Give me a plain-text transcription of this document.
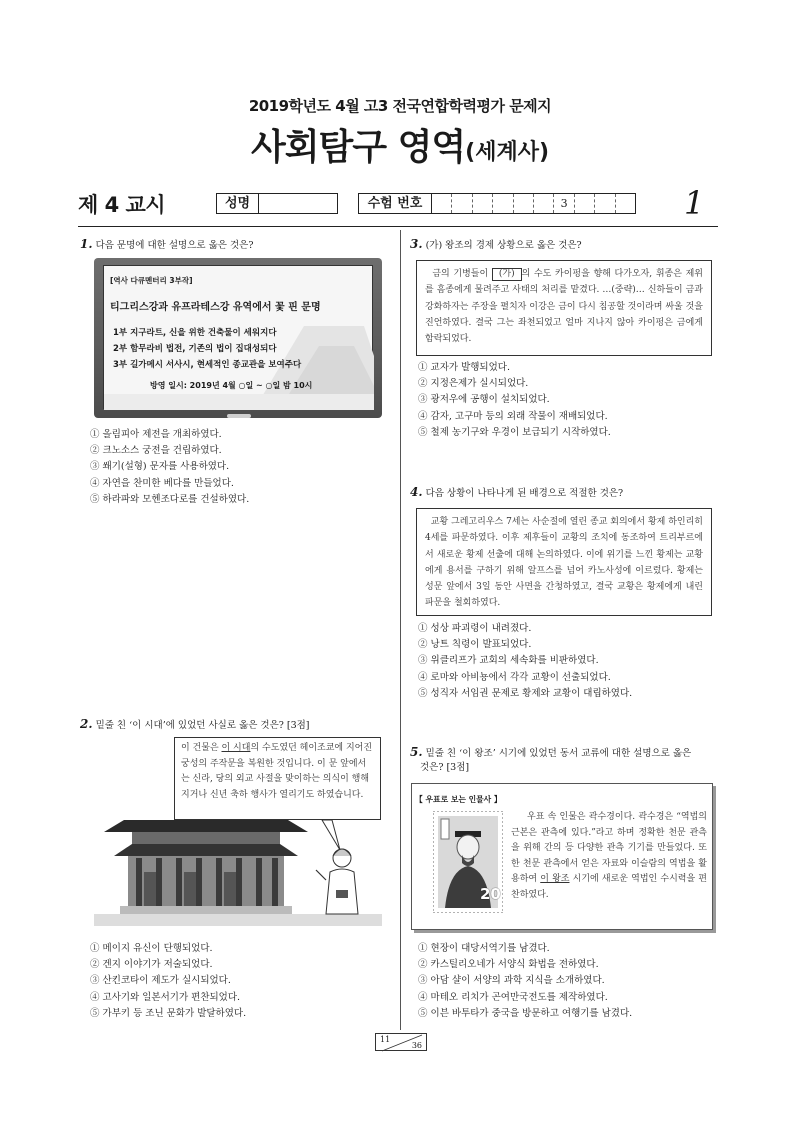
2019학년도 4월 고3 전국연합학력평가 문제지
사회탐구 영역(세계사)
제 4 교시	성명	수험 번호	3	1
1. 다음 문명에 대한 설명으로 옳은 것은?
[역사 다큐멘터리 3부작]
티그리스강과 유프라테스강 유역에서 꽃 핀 문명
1부 지구라트, 신을 위한 건축물이 세워지다
2부 함무라비 법전, 기존의 법이 집대성되다
3부 길가메시 서사시, 현세적인 종교관을 보여주다
방영 일시: 2019년 4월 ○일 ~ ○일 밤 10시
① 올림피아 제전을 개최하였다.
② 크노소스 궁전을 건립하였다.
③ 쐐기(설형) 문자를 사용하였다.
④ 자연을 찬미한 베다를 만들었다.
⑤ 하라파와 모헨조다로를 건설하였다.
2. 밑줄 친 ‘이 시대’에 있었던 사실로 옳은 것은? [3점]
이 건물은 이 시대의 수도였던 헤이조쿄에 지어진 궁성의 주작문을 복원한 것입니다. 이 문 앞에서는 신라, 당의 외교 사절을 맞이하는 의식이 행해지거나 신년 축하 행사가 열리기도 하였습니다.
① 메이지 유신이 단행되었다.
② 겐지 이야기가 저술되었다.
③ 산킨코타이 제도가 실시되었다.
④ 고사기와 일본서기가 편찬되었다.
⑤ 가부키 등 조닌 문화가 발달하였다.
3. (가) 왕조의 경제 상황으로 옳은 것은?
금의 기병들이 (가) 의 수도 카이펑을 향해 다가오자, 휘종은 제위를 흠종에게 물려주고 사태의 처리를 맡겼다. …(중략)… 신하들이 금과 강화하자는 주장을 펼치자 이강은 금이 다시 침공할 것이라며 싸울 것을 진언하였다. 결국 그는 좌천되었고 얼마 지나지 않아 카이펑은 금에게 함락되었다.
① 교자가 발행되었다.
② 지정은제가 실시되었다.
③ 광저우에 공행이 설치되었다.
④ 감자, 고구마 등의 외래 작물이 재배되었다.
⑤ 철제 농기구와 우경이 보급되기 시작하였다.
4. 다음 상황이 나타나게 된 배경으로 적절한 것은?
교황 그레고리우스 7세는 사순절에 열린 종교 회의에서 황제 하인리히 4세를 파문하였다. 이후 제후들이 교황의 조치에 동조하여 트리부르에서 새로운 황제 선출에 대해 논의하였다. 이에 위기를 느낀 황제는 교황에게 용서를 구하기 위해 알프스를 넘어 카노사성에 이르렀다. 황제는 성문 앞에서 3일 동안 사면을 간청하였고, 결국 교황은 황제에게 내린 파문을 철회하였다.
① 성상 파괴령이 내려졌다.
② 낭트 칙령이 발표되었다.
③ 위클리프가 교회의 세속화를 비판하였다.
④ 로마와 아비뇽에서 각각 교황이 선출되었다.
⑤ 성직자 서임권 문제로 황제와 교황이 대립하였다.
5. 밑줄 친 ‘이 왕조’ 시기에 있었던 동서 교류에 대한 설명으로 옳은
것은? [3점]
【 우표로 보는 인물사 】
20
우표 속 인물은 곽수경이다. 곽수경은 “역법의 근본은 관측에 있다.”라고 하며 정확한 천문 관측을 위해 간의 등 다양한 관측 기기를 만들었다. 또한 천문 관측에서 얻은 자료와 이슬람의 역법을 활용하여 이 왕조 시기에 새로운 역법인 수시력을 편찬하였다.
① 현장이 대당서역기를 남겼다.
② 카스틸리오네가 서양식 화법을 전하였다.
③ 아담 샬이 서양의 과학 지식을 소개하였다.
④ 마테오 리치가 곤여만국전도를 제작하였다.
⑤ 이븐 바투타가 중국을 방문하고 여행기를 남겼다.
11
36
